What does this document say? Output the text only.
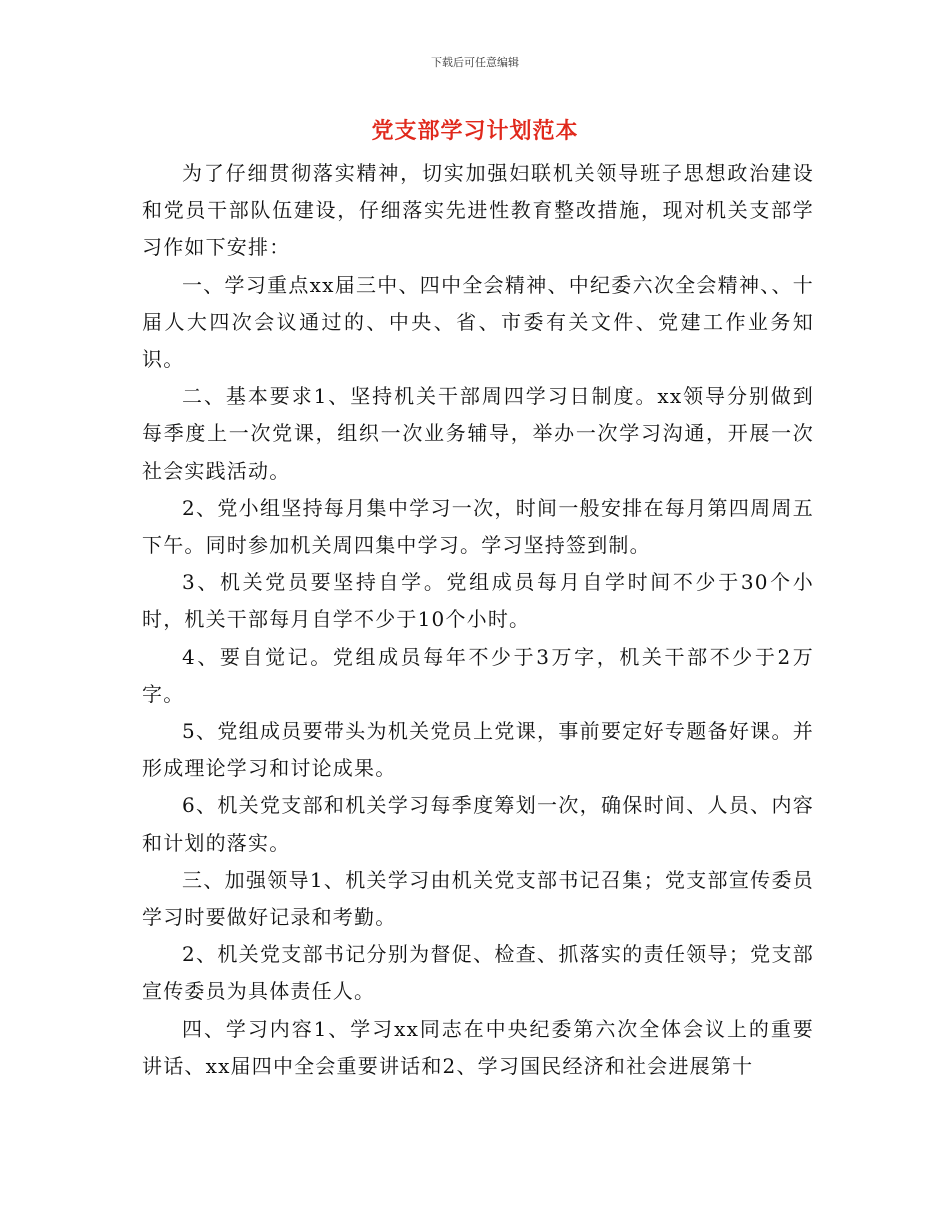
下载后可任意编辑
党支部学习计划范本

为了仔细贯彻落实精神，切实加强妇联机关领导班子思想政治建设和党员干部队伍建设，仔细落实先进性教育整改措施，现对机关支部学习作如下安排：

一、学习重点xx届三中、四中全会精神、中纪委六次全会精神、、十届人大四次会议通过的、中央、省、市委有关文件、党建工作业务知识。

二、基本要求1、坚持机关干部周四学习日制度。xx领导分别做到每季度上一次党课，组织一次业务辅导，举办一次学习沟通，开展一次社会实践活动。

2、党小组坚持每月集中学习一次，时间一般安排在每月第四周周五下午。同时参加机关周四集中学习。学习坚持签到制。

3、机关党员要坚持自学。党组成员每月自学时间不少于30个小时，机关干部每月自学不少于10个小时。

4、要自觉记。党组成员每年不少于3万字，机关干部不少于2万字。

5、党组成员要带头为机关党员上党课，事前要定好专题备好课。并形成理论学习和讨论成果。

6、机关党支部和机关学习每季度筹划一次，确保时间、人员、内容和计划的落实。

三、加强领导1、机关学习由机关党支部书记召集；党支部宣传委员学习时要做好记录和考勤。

2、机关党支部书记分别为督促、检查、抓落实的责任领导；党支部宣传委员为具体责任人。

四、学习内容1、学习xx同志在中央纪委第六次全体会议上的重要讲话、xx届四中全会重要讲话和2、学习国民经济和社会进展第十
